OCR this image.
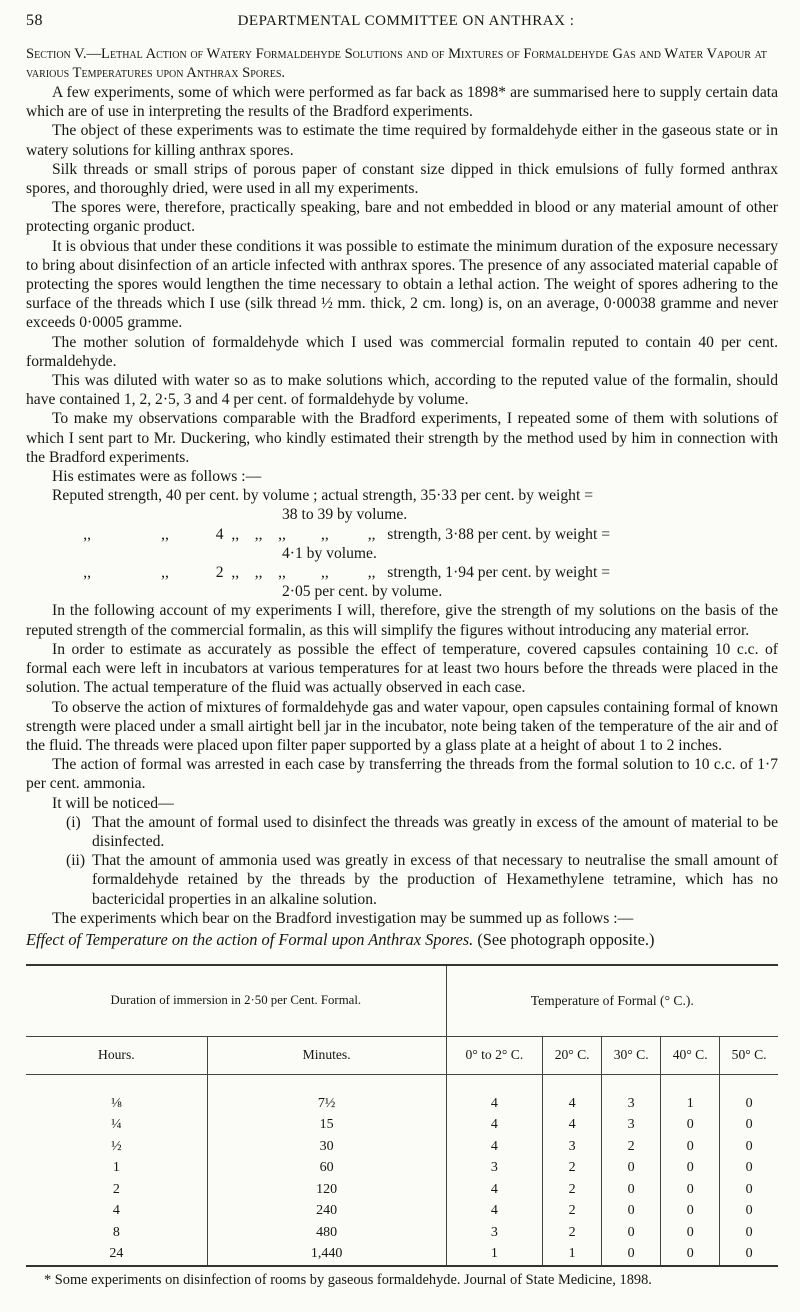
58	DEPARTMENTAL COMMITTEE ON ANTHRAX :
Section V.—Lethal Action of Watery Formaldehyde Solutions and of Mixtures of Formaldehyde Gas and Water Vapour at various Temperatures upon Anthrax Spores.

A few experiments, some of which were performed as far back as 1898* are summarised here to supply certain data which are of use in interpreting the results of the Bradford experiments.

The object of these experiments was to estimate the time required by formaldehyde either in the gaseous state or in watery solutions for killing anthrax spores.

Silk threads or small strips of porous paper of constant size dipped in thick emulsions of fully formed anthrax spores, and thoroughly dried, were used in all my experiments.

The spores were, therefore, practically speaking, bare and not embedded in blood or any material amount of other protecting organic product.

It is obvious that under these conditions it was possible to estimate the minimum duration of the exposure necessary to bring about disinfection of an article infected with anthrax spores. The presence of any associated material capable of protecting the spores would lengthen the time necessary to obtain a lethal action. The weight of spores adhering to the surface of the threads which I use (silk thread ½ mm. thick, 2 cm. long) is, on an average, 0·00038 gramme and never exceeds 0·0005 gramme.

The mother solution of formaldehyde which I used was commercial formalin reputed to contain 40 per cent. formaldehyde.

This was diluted with water so as to make solutions which, according to the reputed value of the formalin, should have contained 1, 2, 2·5, 3 and 4 per cent. of formaldehyde by volume.

To make my observations comparable with the Bradford experiments, I repeated some of them with solutions of which I sent part to Mr. Duckering, who kindly estimated their strength by the method used by him in connection with the Bradford experiments.

His estimates were as follows :—

Reputed strength, 40 per cent. by volume ; actual strength, 35·33 per cent. by weight =
38 to 39 by volume.
,,                  ,,            4  ,,    ,,    ,,         ,,          ,,   strength, 3·88 per cent. by weight =
4·1 by volume.
,,                  ,,            2  ,,    ,,    ,,         ,,          ,,   strength, 1·94 per cent. by weight =
2·05 per cent. by volume.

In the following account of my experiments I will, therefore, give the strength of my solutions on the basis of the reputed strength of the commercial formalin, as this will simplify the figures without introducing any material error.

In order to estimate as accurately as possible the effect of temperature, covered capsules containing 10 c.c. of formal each were left in incubators at various temperatures for at least two hours before the threads were placed in the solution. The actual temperature of the fluid was actually observed in each case.

To observe the action of mixtures of formaldehyde gas and water vapour, open capsules containing formal of known strength were placed under a small airtight bell jar in the incubator, note being taken of the temperature of the air and of the fluid. The threads were placed upon filter paper supported by a glass plate at a height of about 1 to 2 inches.

The action of formal was arrested in each case by transferring the threads from the formal solution to 10 c.c. of 1·7 per cent. ammonia.

It will be noticed—

(i) That the amount of formal used to disinfect the threads was greatly in excess of the amount of material to be disinfected.
(ii) That the amount of ammonia used was greatly in excess of that necessary to neutralise the small amount of formaldehyde retained by the threads by the production of Hexamethylene tetramine, which has no bactericidal properties in an alkaline solution.

The experiments which bear on the Bradford investigation may be summed up as follows :—

Effect of Temperature on the action of Formal upon Anthrax Spores. (See photograph opposite.)
Duration of immersion in 2·50 per Cent. Formal.		Temperature of Formal (° C.).				
Hours.	Minutes.	0° to 2° C.	20° C.	30° C.	40° C.	50° C.
⅛	7½	4	4	3	1	0
¼	15	4	4	3	0	0
½	30	4	3	2	0	0
1	60	3	2	0	0	0
2	120	4	2	0	0	0
4	240	4	2	0	0	0
8	480	3	2	0	0	0
24	1,440	1	1	0	0	0
* Some experiments on disinfection of rooms by gaseous formaldehyde. Journal of State Medicine, 1898.
